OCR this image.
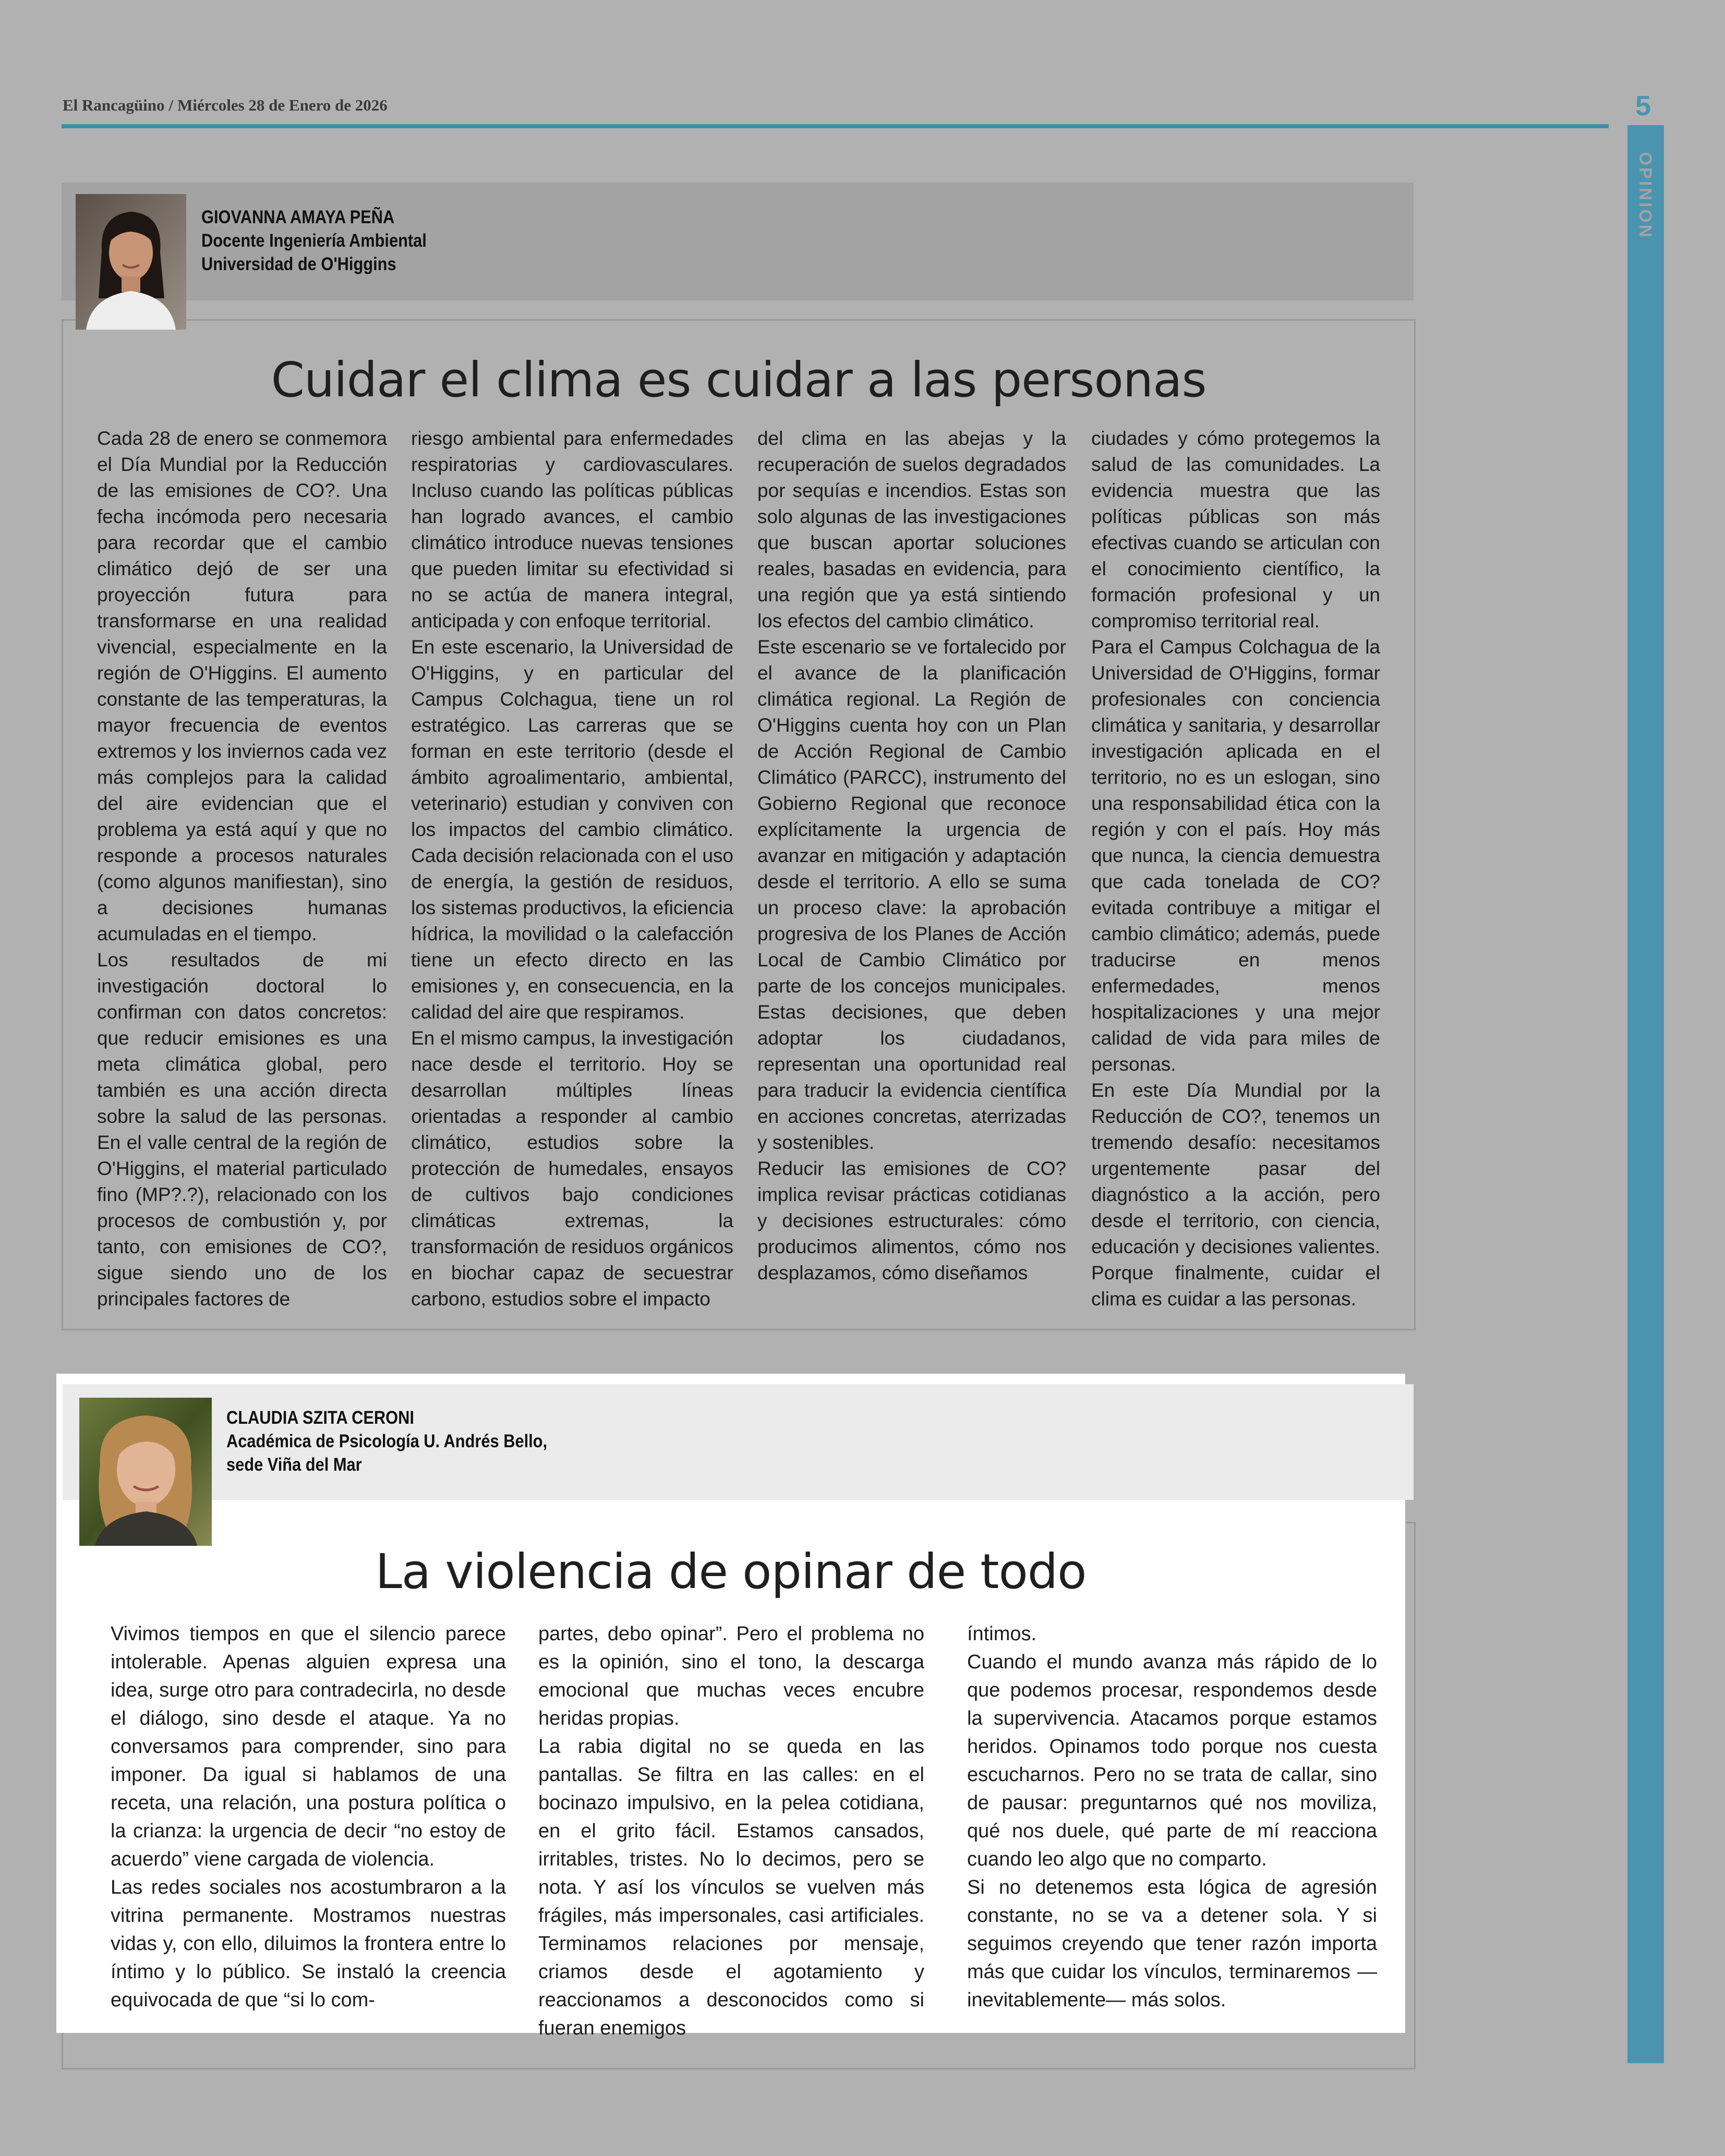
El Rancagüino / Miércoles 28 de Enero de 2026	5
OPINION
Cuidar el clima es cuidar a las personas
GIOVANNA AMAYA PEÑA
Docente Ingeniería Ambiental
Universidad de O'Higgins

Cada 28 de enero se conmemora el Día Mundial por la Reducción de las emisiones de CO?. Una fecha incómoda pero necesaria para recordar que el cambio climático dejó de ser una proyección futura para transformarse en una realidad vivencial, especialmente en la región de O'Higgins. El aumento constante de las temperaturas, la mayor frecuencia de eventos extremos y los inviernos cada vez más complejos para la calidad del aire evidencian que el problema ya está aquí y que no responde a procesos naturales (como algunos manifiestan), sino a decisiones humanas acumuladas en el tiempo.

Los resultados de mi investigación doctoral lo confirman con datos concretos: que reducir emisiones es una meta climática global, pero también es una acción directa sobre la salud de las personas. En el valle central de la región de O'Higgins, el material particulado fino (MP?.?), relacionado con los procesos de combustión y, por tanto, con emisiones de CO?, sigue siendo uno de los principales factores de

riesgo ambiental para enfermedades respiratorias y cardiovasculares. Incluso cuando las políticas públicas han logrado avances, el cambio climático introduce nuevas tensiones que pueden limitar su efectividad si no se actúa de manera integral, anticipada y con enfoque territorial.

En este escenario, la Universidad de O'Higgins, y en particular del Campus Colchagua, tiene un rol estratégico. Las carreras que se forman en este territorio (desde el ámbito agroalimentario, ambiental, veterinario) estudian y conviven con los impactos del cambio climático. Cada decisión relacionada con el uso de energía, la gestión de residuos, los sistemas productivos, la eficiencia hídrica, la movilidad o la calefacción tiene un efecto directo en las emisiones y, en consecuencia, en la calidad del aire que respiramos.

En el mismo campus, la investigación nace desde el territorio. Hoy se desarrollan múltiples líneas orientadas a responder al cambio climático, estudios sobre la protección de humedales, ensayos de cultivos bajo condiciones climáticas extremas, la transformación de residuos orgánicos en biochar capaz de secuestrar carbono, estudios sobre el impacto

del clima en las abejas y la recuperación de suelos degradados por sequías e incendios. Estas son solo algunas de las investigaciones que buscan aportar soluciones reales, basadas en evidencia, para una región que ya está sintiendo los efectos del cambio climático.

Este escenario se ve fortalecido por el avance de la planificación climática regional. La Región de O'Higgins cuenta hoy con un Plan de Acción Regional de Cambio Climático (PARCC), instrumento del Gobierno Regional que reconoce explícitamente la urgencia de avanzar en mitigación y adaptación desde el territorio. A ello se suma un proceso clave: la aprobación progresiva de los Planes de Acción Local de Cambio Climático por parte de los concejos municipales. Estas decisiones, que deben adoptar los ciudadanos, representan una oportunidad real para traducir la evidencia científica en acciones concretas, aterrizadas y sostenibles.

Reducir las emisiones de CO? implica revisar prácticas cotidianas y decisiones estructurales: cómo producimos alimentos, cómo nos desplazamos, cómo diseñamos

ciudades y cómo protegemos la salud de las comunidades. La evidencia muestra que las políticas públicas son más efectivas cuando se articulan con el conocimiento científico, la formación profesional y un compromiso territorial real.

Para el Campus Colchagua de la Universidad de O'Higgins, formar profesionales con conciencia climática y sanitaria, y desarrollar investigación aplicada en el territorio, no es un eslogan, sino una responsabilidad ética con la región y con el país. Hoy más que nunca, la ciencia demuestra que cada tonelada de CO? evitada contribuye a mitigar el cambio climático; además, puede traducirse en menos enfermedades, menos hospitalizaciones y una mejor calidad de vida para miles de personas.

En este Día Mundial por la Reducción de CO?, tenemos un tremendo desafío: necesitamos urgentemente pasar del diagnóstico a la acción, pero desde el territorio, con ciencia, educación y decisiones valientes. Porque finalmente, cuidar el clima es cuidar a las personas.

La violencia de opinar de todo
CLAUDIA SZITA CERONI
Académica de Psicología U. Andrés Bello,
sede Viña del Mar

Vivimos tiempos en que el silencio parece intolerable. Apenas alguien expresa una idea, surge otro para contradecirla, no desde el diálogo, sino desde el ataque. Ya no conversamos para comprender, sino para imponer. Da igual si hablamos de una receta, una relación, una postura política o la crianza: la urgencia de decir “no estoy de acuerdo” viene cargada de violencia.

Las redes sociales nos acostumbraron a la vitrina permanente. Mostramos nuestras vidas y, con ello, diluimos la frontera entre lo íntimo y lo público. Se instaló la creencia equivocada de que “si lo com-

partes, debo opinar”. Pero el problema no es la opinión, sino el tono, la descarga emocional que muchas veces encubre heridas propias.

La rabia digital no se queda en las pantallas. Se filtra en las calles: en el bocinazo impulsivo, en la pelea cotidiana, en el grito fácil. Estamos cansados, irritables, tristes. No lo decimos, pero se nota. Y así los vínculos se vuelven más frágiles, más impersonales, casi artificiales. Terminamos relaciones por mensaje, criamos desde el agotamiento y reaccionamos a desconocidos como si fueran enemigos

íntimos.

Cuando el mundo avanza más rápido de lo que podemos procesar, respondemos desde la supervivencia. Atacamos porque estamos heridos. Opinamos todo porque nos cuesta escucharnos. Pero no se trata de callar, sino de pausar: preguntarnos qué nos moviliza, qué nos duele, qué parte de mí reacciona cuando leo algo que no comparto.

Si no detenemos esta lógica de agresión constante, no se va a detener sola. Y si seguimos creyendo que tener razón importa más que cuidar los vínculos, terminaremos —inevitablemente— más solos.
